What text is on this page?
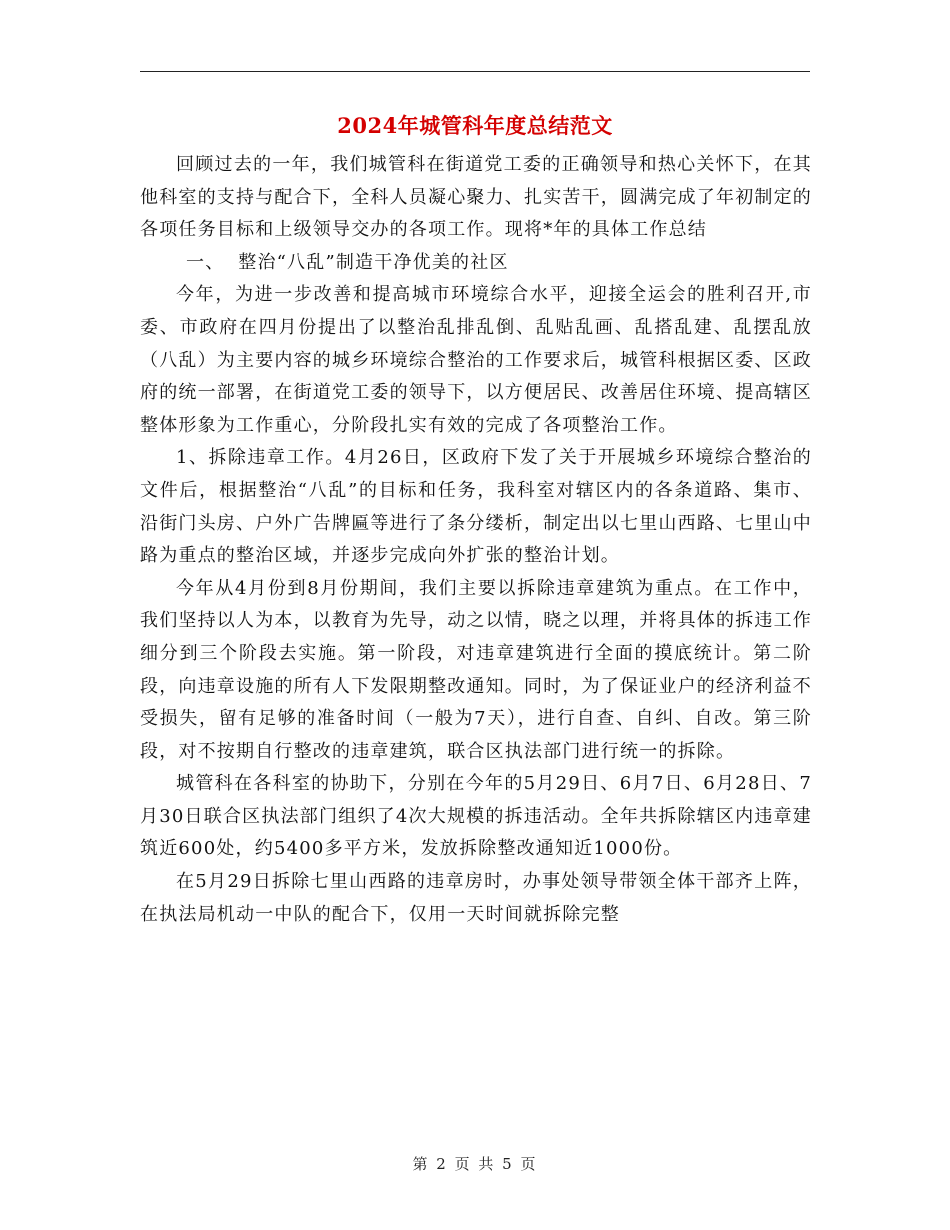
2024年城管科年度总结范文

回顾过去的一年，我们城管科在街道党工委的正确领导和热心关怀下，在其他科室的支持与配合下，全科人员凝心聚力、扎实苦干，圆满完成了年初制定的各项任务目标和上级领导交办的各项工作。现将*年的具体工作总结

一、  整治“八乱”制造干净优美的社区

今年，为进一步改善和提高城市环境综合水平，迎接全运会的胜利召开,市委、市政府在四月份提出了以整治乱排乱倒、乱贴乱画、乱搭乱建、乱摆乱放（八乱）为主要内容的城乡环境综合整治的工作要求后，城管科根据区委、区政府的统一部署，在街道党工委的领导下，以方便居民、改善居住环境、提高辖区整体形象为工作重心，分阶段扎实有效的完成了各项整治工作。

1、拆除违章工作。4月26日，区政府下发了关于开展城乡环境综合整治的文件后，根据整治“八乱”的目标和任务，我科室对辖区内的各条道路、集市、沿街门头房、户外广告牌匾等进行了条分缕析，制定出以七里山西路、七里山中路为重点的整治区域，并逐步完成向外扩张的整治计划。

今年从4月份到8月份期间，我们主要以拆除违章建筑为重点。在工作中，我们坚持以人为本，以教育为先导，动之以情，晓之以理，并将具体的拆违工作细分到三个阶段去实施。第一阶段，对违章建筑进行全面的摸底统计。第二阶段，向违章设施的所有人下发限期整改通知。同时，为了保证业户的经济利益不受损失，留有足够的准备时间（一般为7天），进行自查、自纠、自改。第三阶段，对不按期自行整改的违章建筑，联合区执法部门进行统一的拆除。

城管科在各科室的协助下，分别在今年的5月29日、6月7日、6月28日、7月30日联合区执法部门组织了4次大规模的拆违活动。全年共拆除辖区内违章建筑近600处，约5400多平方米，发放拆除整改通知近1000份。

在5月29日拆除七里山西路的违章房时，办事处领导带领全体干部齐上阵，在执法局机动一中队的配合下，仅用一天时间就拆除完整

第 2 页 共 5 页
